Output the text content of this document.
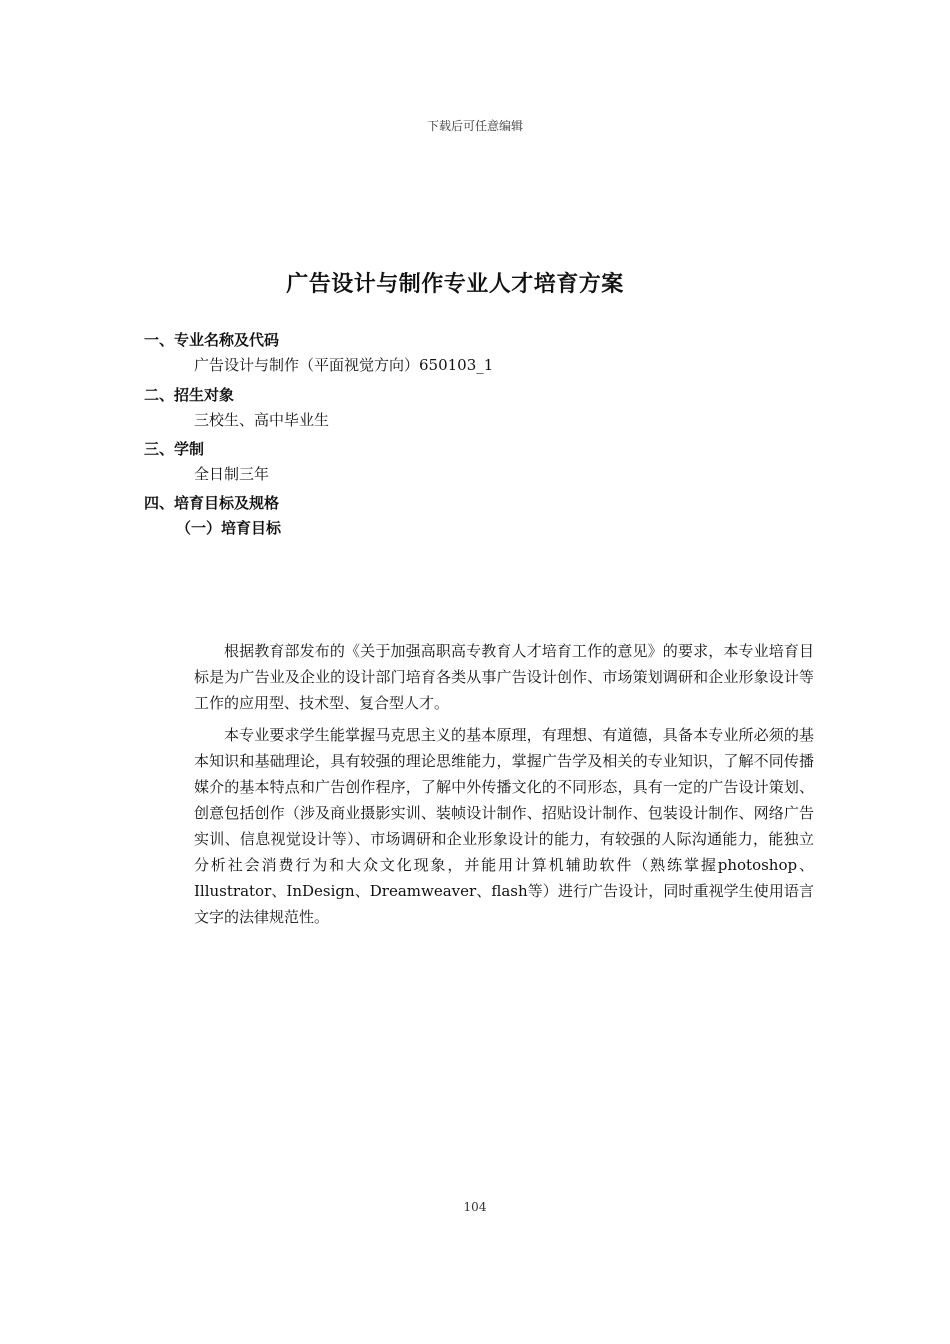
下载后可任意编辑
广告设计与制作专业人才培育方案
一、专业名称及代码
广告设计与制作（平面视觉方向）650103_1
二、招生对象
三校生、高中毕业生
三、学制
全日制三年
四、培育目标及规格
（一）培育目标
根据教育部发布的《关于加强高职高专教育人才培育工作的意见》的要求，本专业培育目标是为广告业及企业的设计部门培育各类从事广告设计创作、市场策划调研和企业形象设计等工作的应用型、技术型、复合型人才。
本专业要求学生能掌握马克思主义的基本原理，有理想、有道德，具备本专业所必须的基本知识和基础理论，具有较强的理论思维能力，掌握广告学及相关的专业知识，了解不同传播媒介的基本特点和广告创作程序，了解中外传播文化的不同形态，具有一定的广告设计策划、创意包括创作（涉及商业摄影实训、装帧设计制作、招贴设计制作、包装设计制作、网络广告实训、信息视觉设计等）、市场调研和企业形象设计的能力，有较强的人际沟通能力，能独立分析社会消费行为和大众文化现象，并能用计算机辅助软件（熟练掌握photoshop、Illustrator、InDesign、Dreamweaver、flash等）进行广告设计，同时重视学生使用语言文字的法律规范性。
104
